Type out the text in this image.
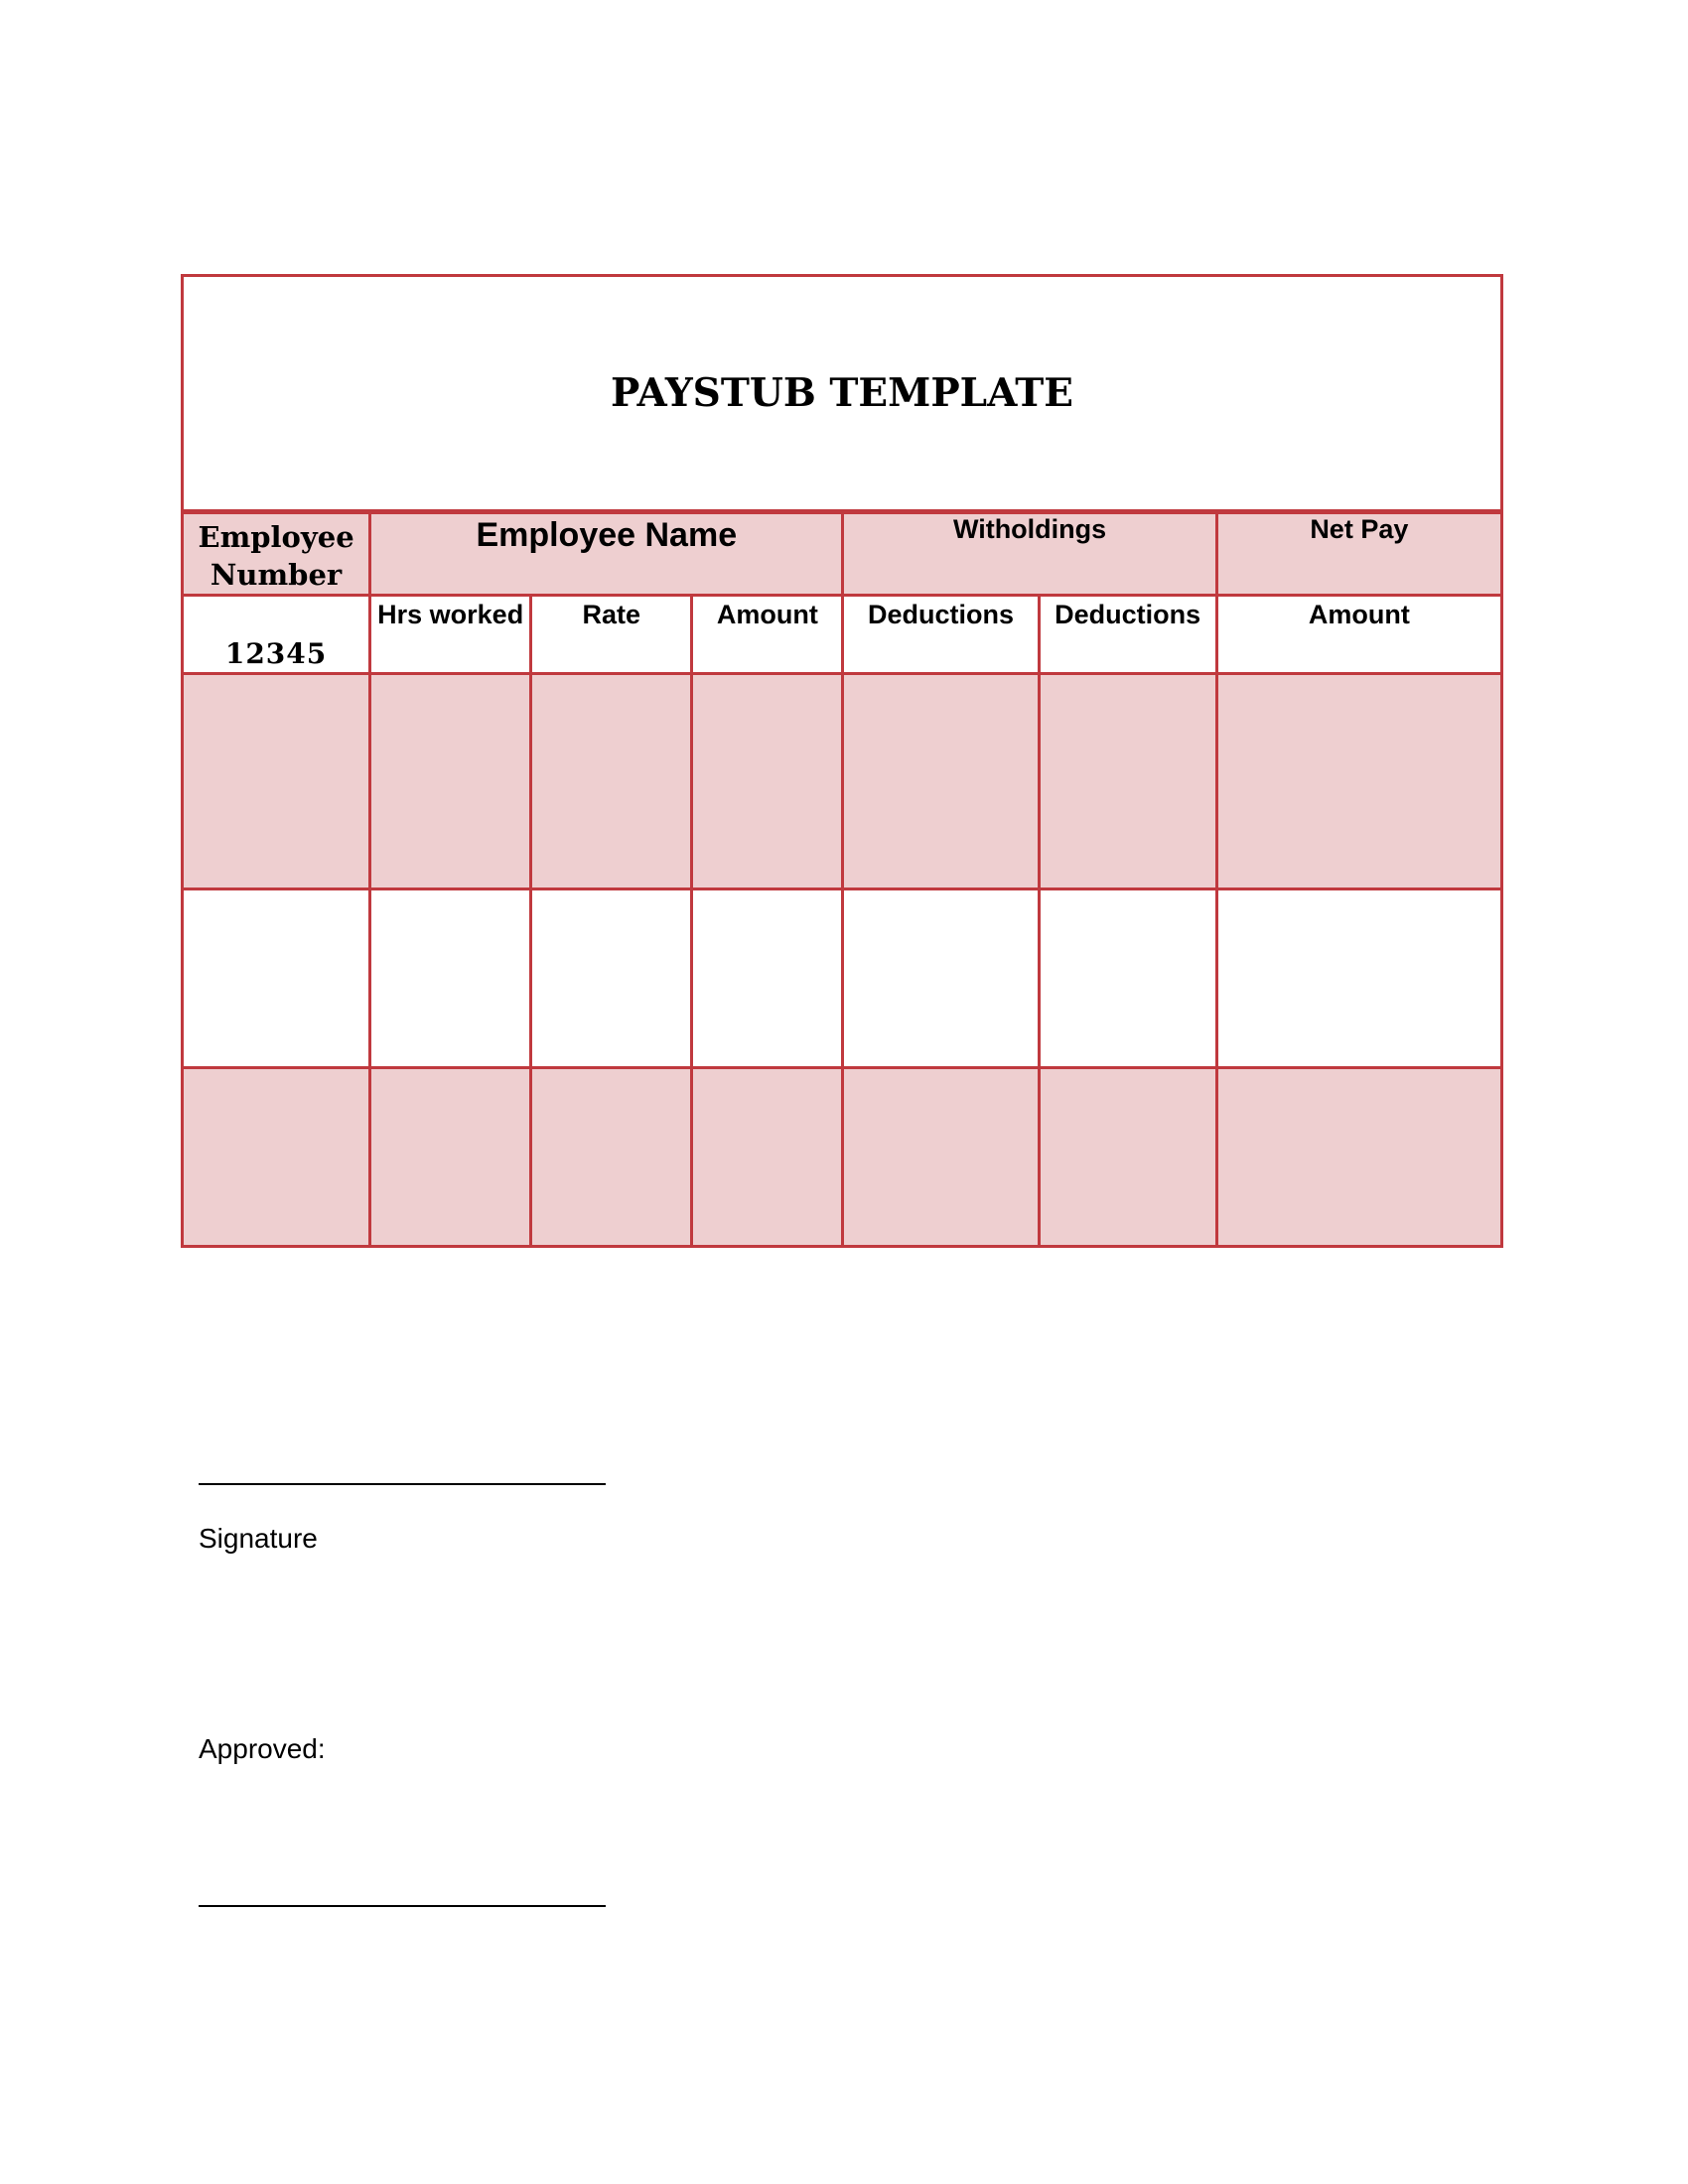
PAYSTUB TEMPLATE						
Employee Number	Employee Name			Witholdings		Net Pay
12345	Hrs worked	Rate	Amount	Deductions	Deductions	Amount

Signature
Approved:
